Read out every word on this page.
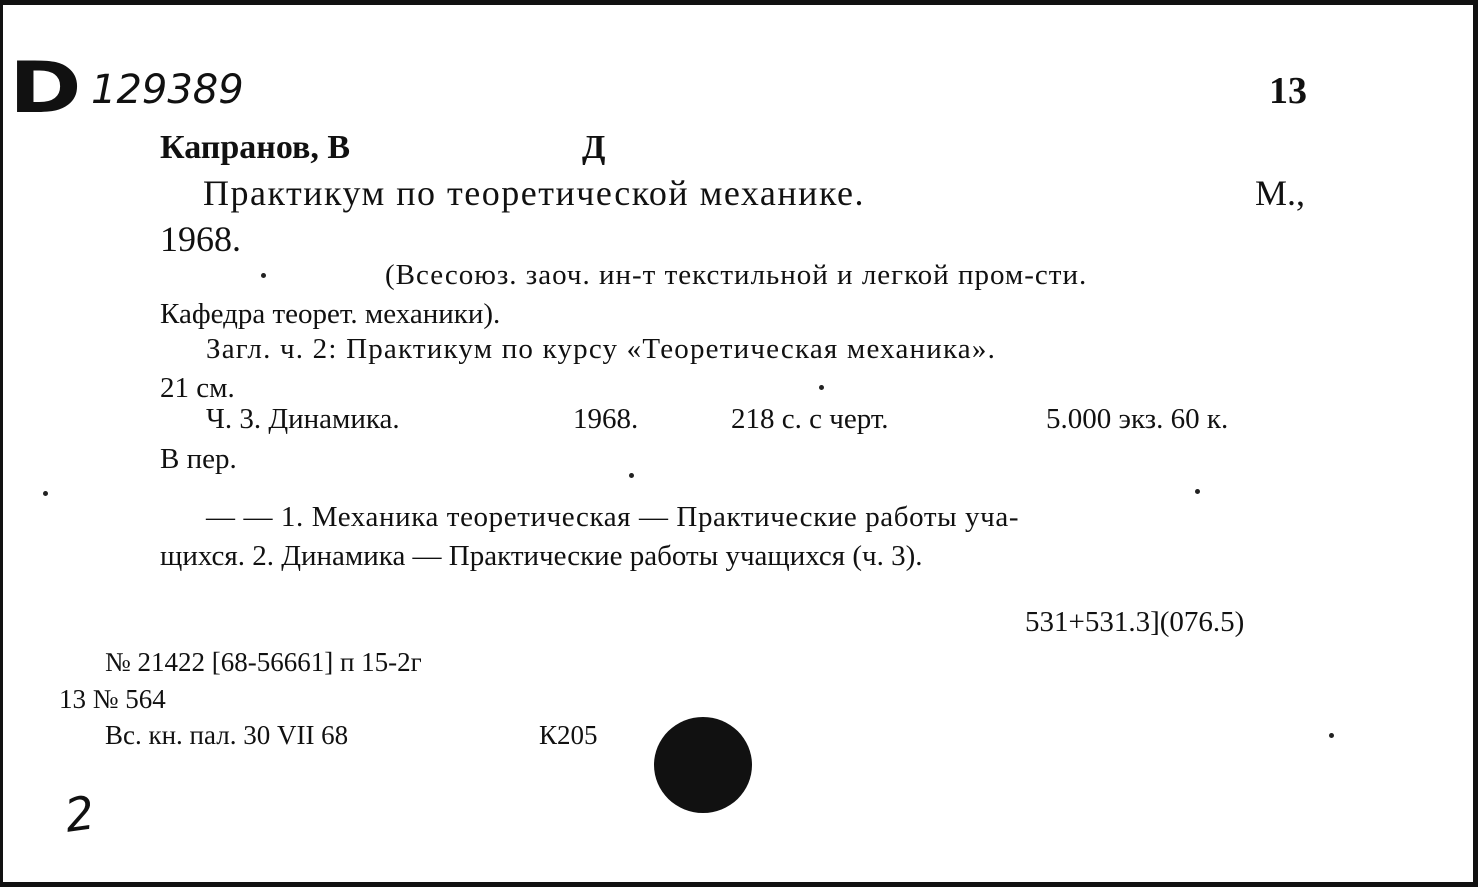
D 129389	13
Капранов, В	Д
Практикум по теоретической механике.	М.,
1968.
(Всесоюз. заоч. ин-т текстильной и легкой пром-сти.
Кафедра теорет. механики).
Загл. ч. 2: Практикум по курсу «Теоретическая механика».
21 см.
Ч. 3. Динамика.	1968.	218 с. с черт.	5.000 экз. 60 к.
В пер.
— — 1. Механика теоретическая — Практические работы уча-
щихся. 2. Динамика — Практические работы учащихся (ч. 3).
531+531.3](076.5)
№ 21422 [68-56661] п 15-2г
13 № 564
Вс. кн. пал. 30 VII 68	К205
2
